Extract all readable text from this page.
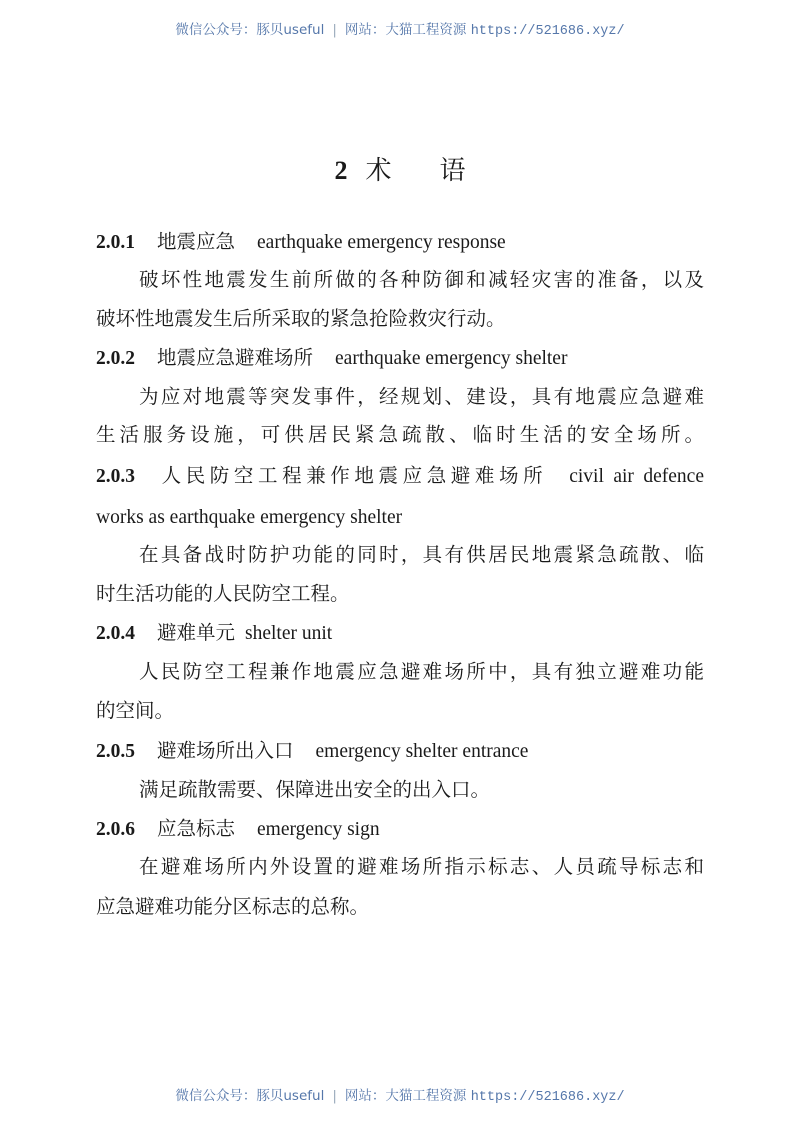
微信公众号：豚贝useful | 网站：大猫工程资源 https://521686.xyz/
2 术 语
2.0.1 地震应急 earthquake emergency response
破坏性地震发生前所做的各种防御和减轻灾害的准备，以及
破坏性地震发生后所采取的紧急抢险救灾行动。
2.0.2 地震应急避难场所 earthquake emergency shelter
为应对地震等突发事件，经规划、建设，具有地震应急避难
生活服务设施，可供居民紧急疏散、临时生活的安全场所。
2.0.3 人民防空工程兼作地震应急避难场所 civil air defence
works as earthquake emergency shelter
在具备战时防护功能的同时，具有供居民地震紧急疏散、临
时生活功能的人民防空工程。
2.0.4 避难单元 shelter unit
人民防空工程兼作地震应急避难场所中，具有独立避难功能
的空间。
2.0.5 避难场所出入口 emergency shelter entrance
满足疏散需要、保障进出安全的出入口。
2.0.6 应急标志 emergency sign
在避难场所内外设置的避难场所指示标志、人员疏导标志和
应急避难功能分区标志的总称。
微信公众号：豚贝useful | 网站：大猫工程资源 https://521686.xyz/
